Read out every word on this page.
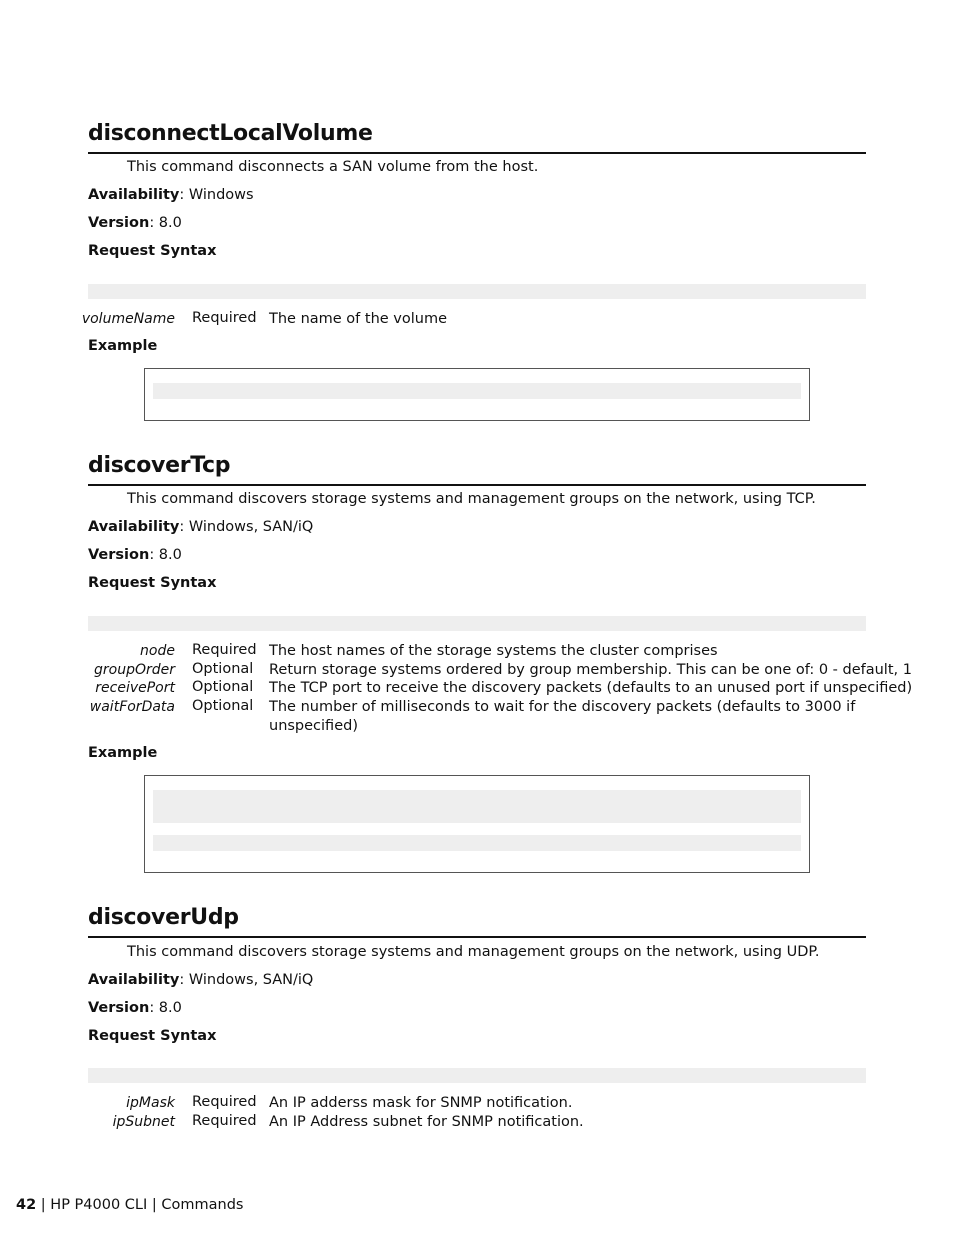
disconnectLocalVolume
This command disconnects a SAN volume from the host.
Availability: Windows
Version: 8.0
Request Syntax
volumeName Required The name of the volume
Example
discoverTcp
This command discovers storage systems and management groups on the network, using TCP.
Availability: Windows, SAN/iQ
Version: 8.0
Request Syntax
node Required The host names of the storage systems the cluster comprises
groupOrder Optional Return storage systems ordered by group membership. This can be one of: 0 - default, 1
receivePort Optional The TCP port to receive the discovery packets (defaults to an unused port if unspecified)
waitForData Optional The number of milliseconds to wait for the discovery packets (defaults to 3000 if unspecified)
Example
discoverUdp
This command discovers storage systems and management groups on the network, using UDP.
Availability: Windows, SAN/iQ
Version: 8.0
Request Syntax
ipMask Required An IP adderss mask for SNMP notification.
ipSubnet Required An IP Address subnet for SNMP notification.
42 | HP P4000 CLI | Commands
